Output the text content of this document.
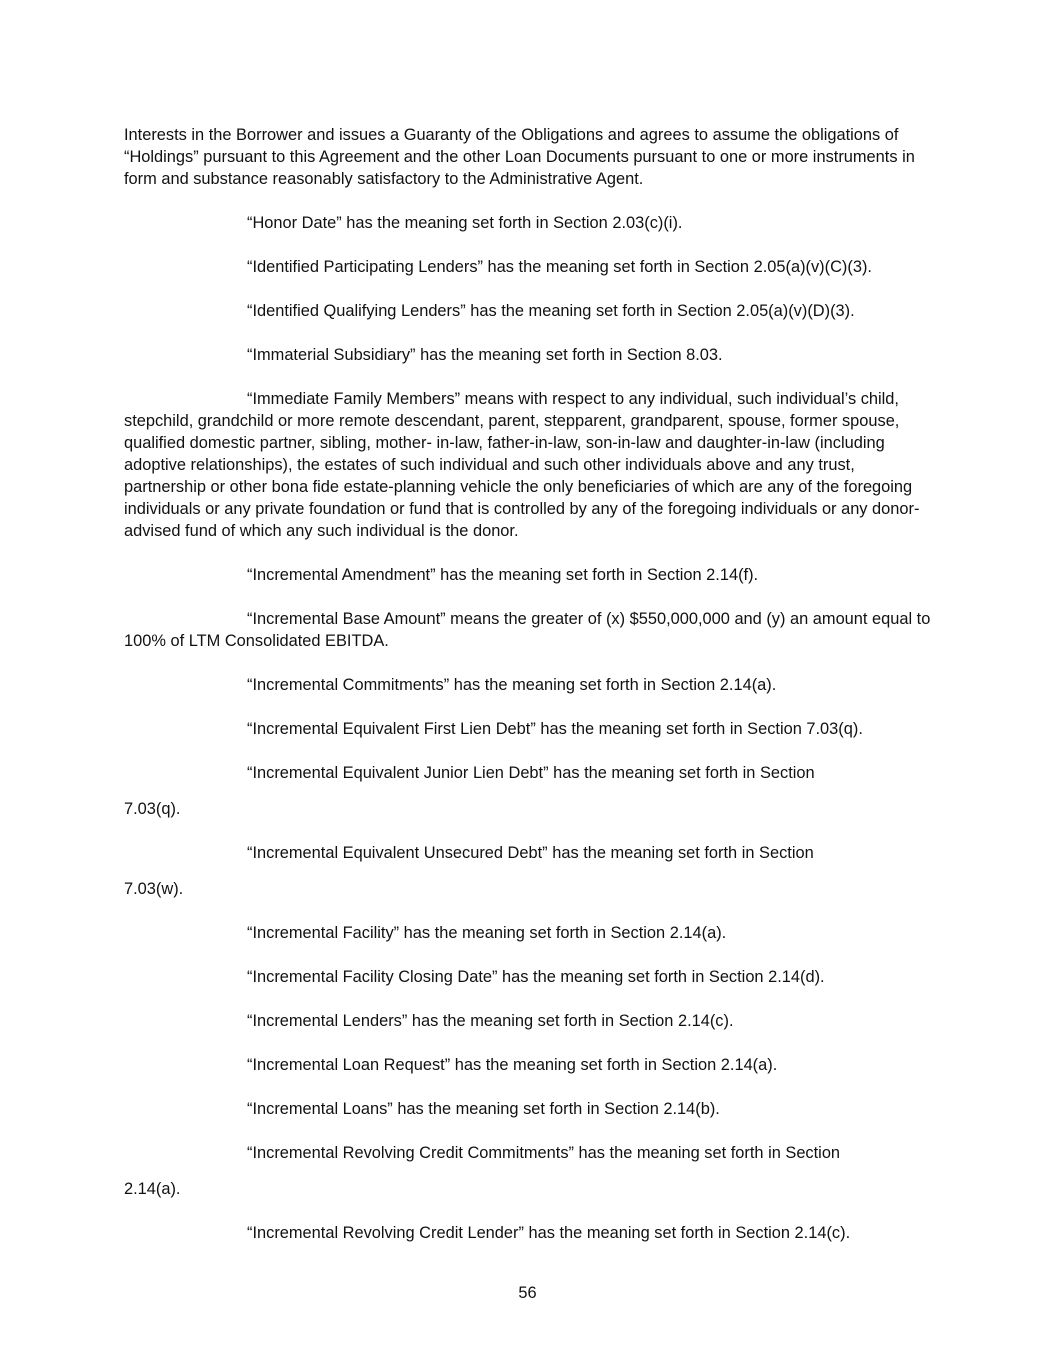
Interests in the Borrower and issues a Guaranty of the Obligations and agrees to assume the obligations of “Holdings” pursuant to this Agreement and the other Loan Documents pursuant to one or more instruments in form and substance reasonably satisfactory to the Administrative Agent.

“Honor Date” has the meaning set forth in Section 2.03(c)(i).

“Identified Participating Lenders” has the meaning set forth in Section 2.05(a)(v)(C)(3).

“Identified Qualifying Lenders” has the meaning set forth in Section 2.05(a)(v)(D)(3).

“Immaterial Subsidiary” has the meaning set forth in Section 8.03.

“Immediate Family Members” means with respect to any individual, such individual’s child, stepchild, grandchild or more remote descendant, parent, stepparent, grandparent, spouse, former spouse, qualified domestic partner, sibling, mother- in-law, father-in-law, son-in-law and daughter-in-law (including adoptive relationships), the estates of such individual and such other individuals above and any trust, partnership or other bona fide estate-planning vehicle the only beneficiaries of which are any of the foregoing individuals or any private foundation or fund that is controlled by any of the foregoing individuals or any donor-advised fund of which any such individual is the donor.

“Incremental Amendment” has the meaning set forth in Section 2.14(f).

“Incremental Base Amount” means the greater of (x) $550,000,000 and (y) an amount equal to 100% of LTM Consolidated EBITDA.

“Incremental Commitments” has the meaning set forth in Section 2.14(a).

“Incremental Equivalent First Lien Debt” has the meaning set forth in Section 7.03(q).

“Incremental Equivalent Junior Lien Debt” has the meaning set forth in Section
7.03(q).

“Incremental Equivalent Unsecured Debt” has the meaning set forth in Section
7.03(w).

“Incremental Facility” has the meaning set forth in Section 2.14(a).

“Incremental Facility Closing Date” has the meaning set forth in Section 2.14(d).

“Incremental Lenders” has the meaning set forth in Section 2.14(c).

“Incremental Loan Request” has the meaning set forth in Section 2.14(a).

“Incremental Loans” has the meaning set forth in Section 2.14(b).

“Incremental Revolving Credit Commitments” has the meaning set forth in Section
2.14(a).

“Incremental Revolving Credit Lender” has the meaning set forth in Section 2.14(c).

56
